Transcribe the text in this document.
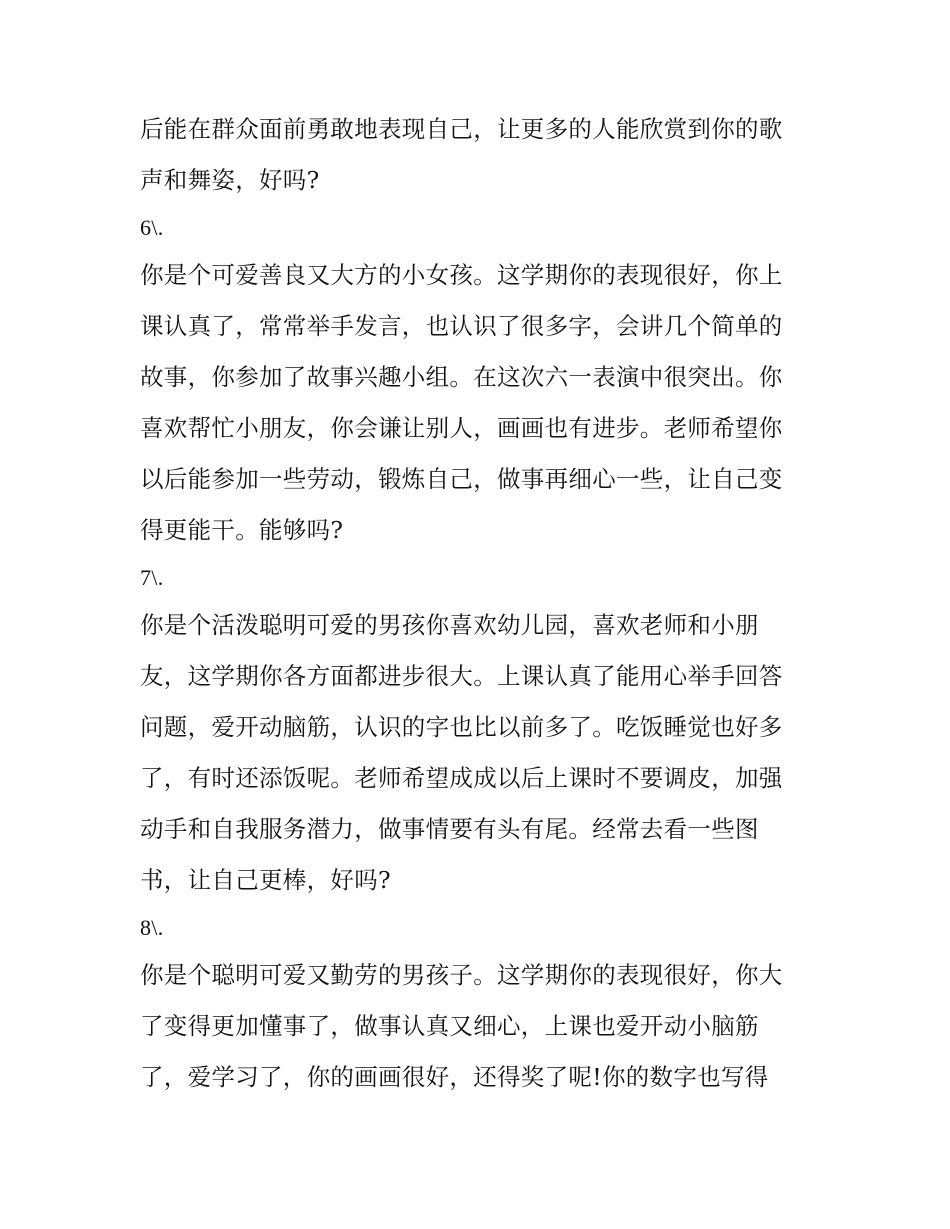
后能在群众面前勇敢地表现自己，让更多的人能欣赏到你的歌
声和舞姿，好吗?
6\.
你是个可爱善良又大方的小女孩。这学期你的表现很好，你上
课认真了，常常举手发言，也认识了很多字，会讲几个简单的
故事，你参加了故事兴趣小组。在这次六一表演中很突出。你
喜欢帮忙小朋友，你会谦让别人，画画也有进步。老师希望你
以后能参加一些劳动，锻炼自己，做事再细心一些，让自己变
得更能干。能够吗?
7\.
你是个活泼聪明可爱的男孩你喜欢幼儿园，喜欢老师和小朋
友，这学期你各方面都进步很大。上课认真了能用心举手回答
问题，爱开动脑筋，认识的字也比以前多了。吃饭睡觉也好多
了，有时还添饭呢。老师希望成成以后上课时不要调皮，加强
动手和自我服务潜力，做事情要有头有尾。经常去看一些图
书，让自己更棒，好吗?
8\.
你是个聪明可爱又勤劳的男孩子。这学期你的表现很好，你大
了变得更加懂事了，做事认真又细心，上课也爱开动小脑筋
了，爱学习了，你的画画很好，还得奖了呢!你的数字也写得
